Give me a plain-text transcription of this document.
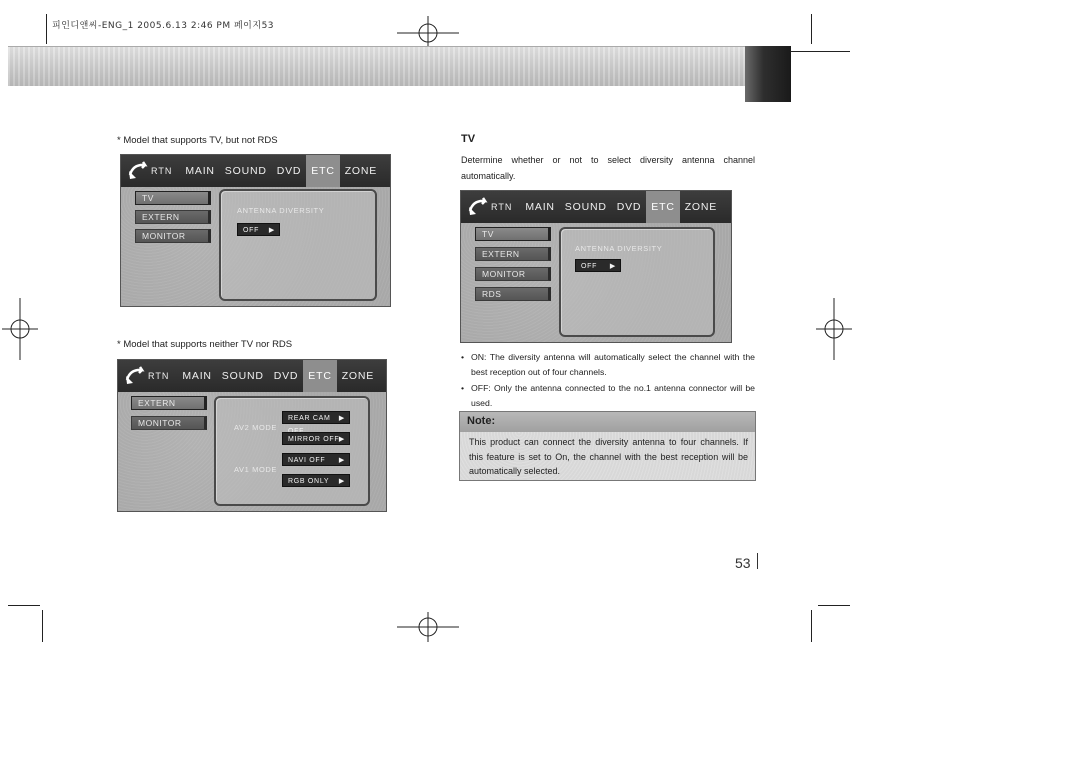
피인디앤씨-ENG_1 2005.6.13 2:46 PM 페이지53
* Model that supports TV, but not RDS
RTN	MAIN SOUND DVD ETC ZONE
TV
EXTERN
MONITOR
ANTENNA DIVERSITY
OFF ▶
* Model that supports neither TV nor RDS
RTN	MAIN SOUND DVD ETC ZONE
EXTERN
MONITOR	AV2 MODE
AV1 MODE
REAR CAM ▶
MIRROR OFF ▶
NAVI OFF ▶
RGB ONLY ▶
TV
Determine whether or not to select diversity antenna channel automatically.
RTN	MAIN SOUND DVD ETC ZONE
TV
EXTERN
MONITOR
RDS
ANTENNA DIVERSITY
OFF ▶
• ON: The diversity antenna will automatically select the channel with the best reception out of four channels.
• OFF: Only the antenna connected to the no.1 antenna connector will be used.
Note:
This product can connect the diversity antenna to four channels. If this feature is set to On, the channel with the best reception will be automatically selected.
53
